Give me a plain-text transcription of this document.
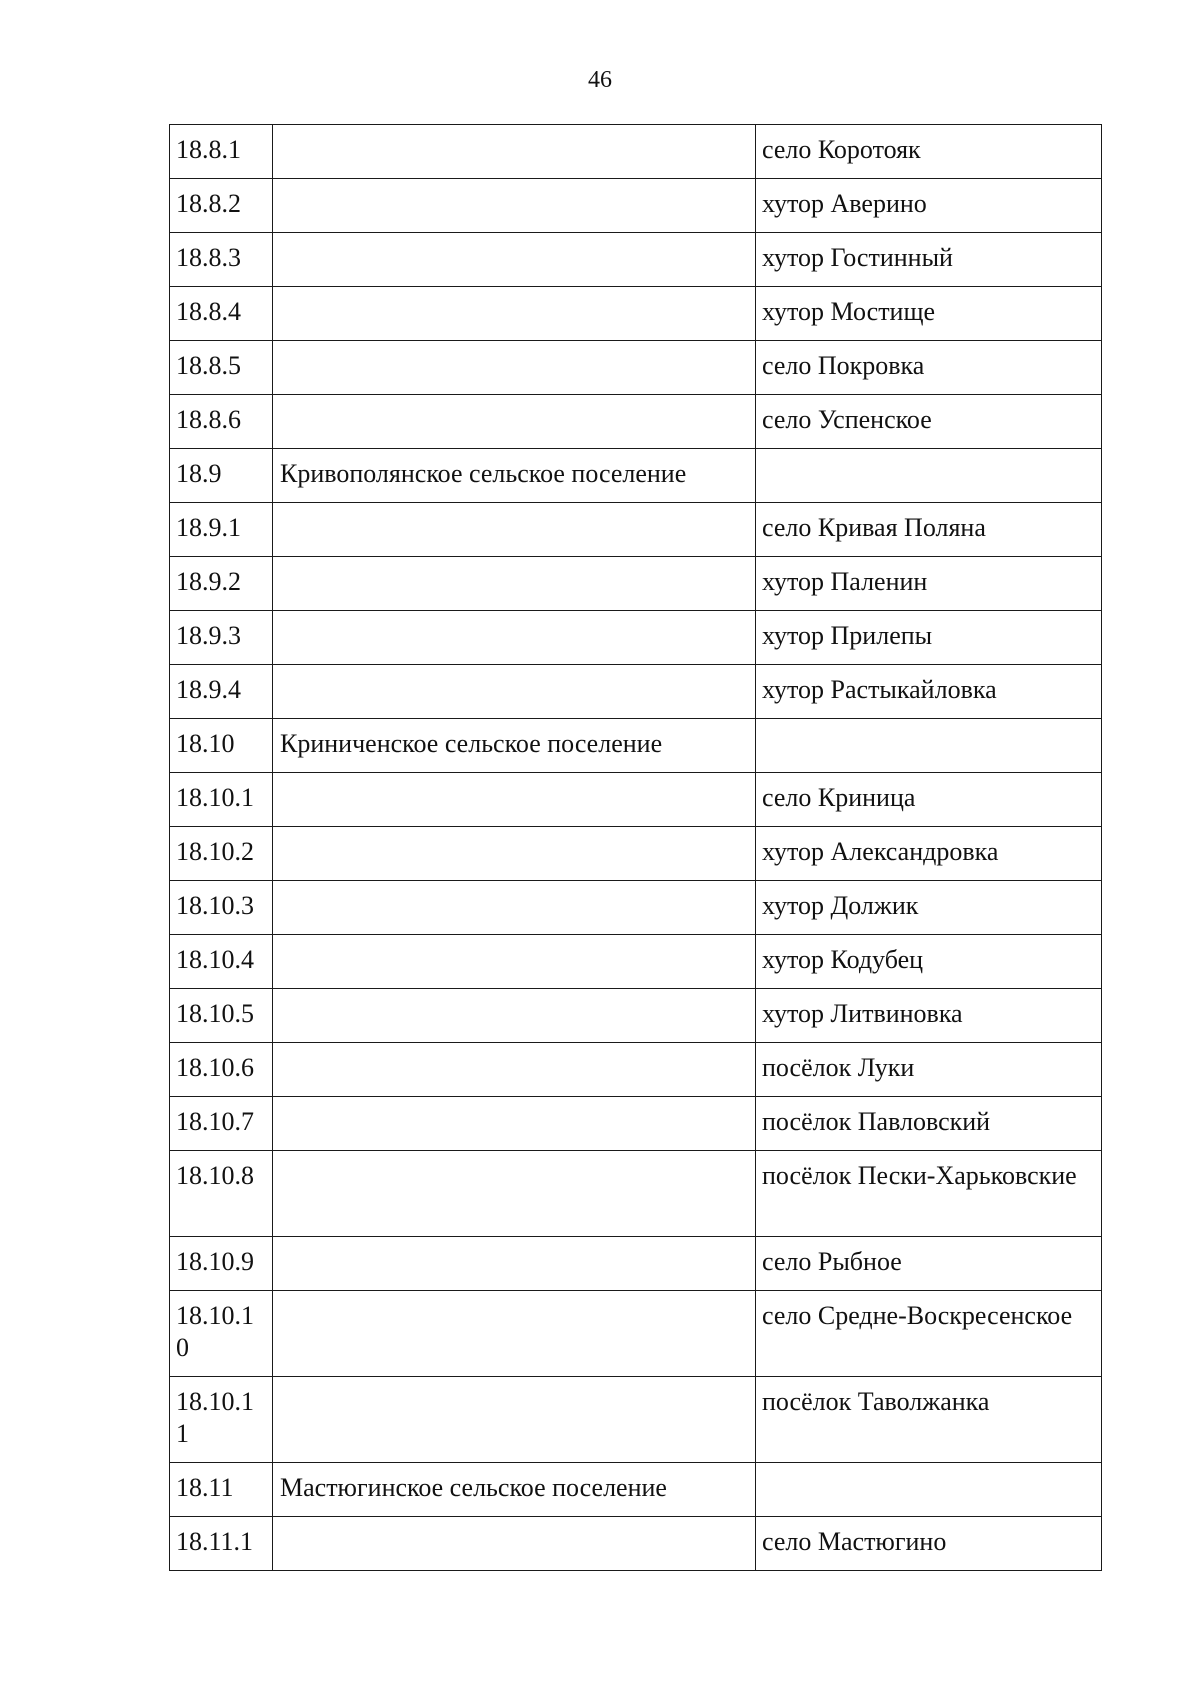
46
18.8.1		село Коротояк
18.8.2		хутор Аверино
18.8.3		хутор Гостинный
18.8.4		хутор Мостище
18.8.5		село Покровка
18.8.6		село Успенское
18.9	Кривополянское сельское поселение	
18.9.1		село Кривая Поляна
18.9.2		хутор Паленин
18.9.3		хутор Прилепы
18.9.4		хутор Растыкайловка
18.10	Криниченское сельское поселение	
18.10.1		село Криница
18.10.2		хутор Александровка
18.10.3		хутор Должик
18.10.4		хутор Кодубец
18.10.5		хутор Литвиновка
18.10.6		посёлок Луки
18.10.7		посёлок Павловский
18.10.8		посёлок Пески-Харьковские
18.10.9		село Рыбное
18.10.10		село Средне-Воскресенское
18.10.11		посёлок Таволжанка
18.11	Мастюгинское сельское поселение	
18.11.1		село Мастюгино
